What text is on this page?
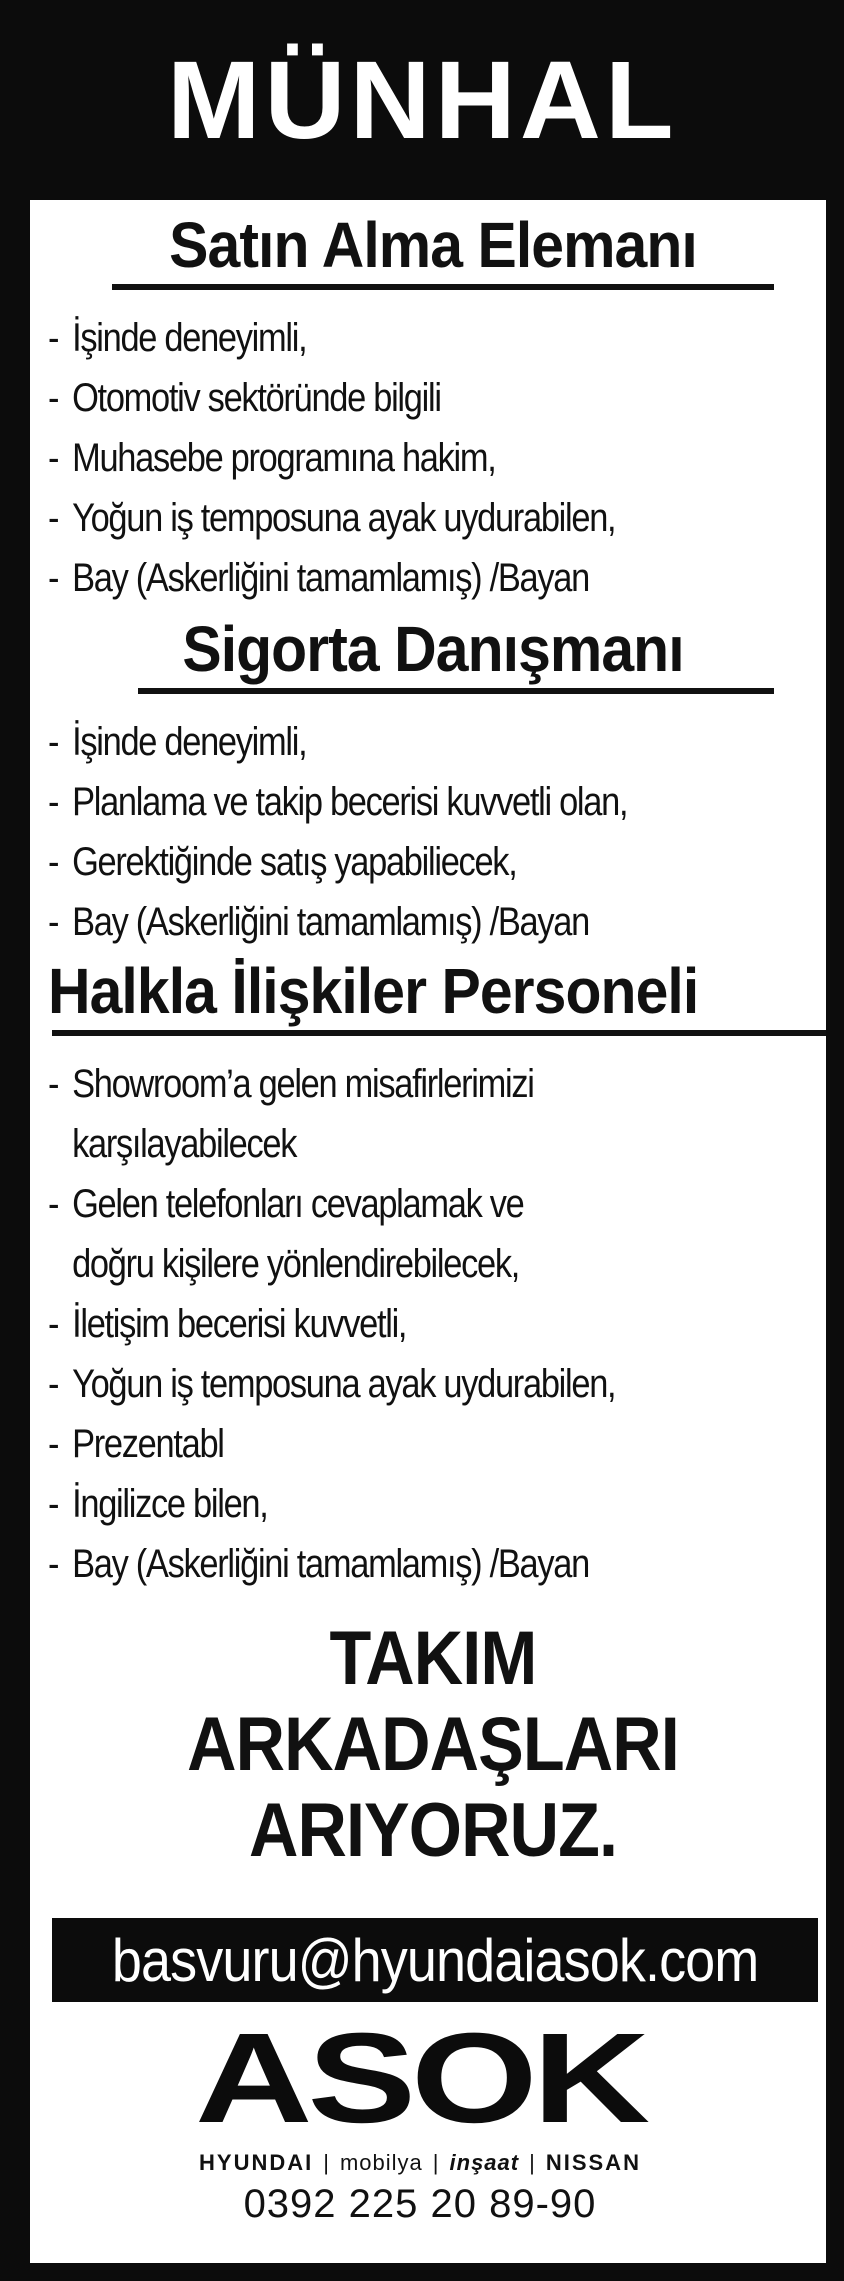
MÜNHAL
Satın Alma Elemanı
- İşinde deneyimli,
- Otomotiv sektöründe bilgili
- Muhasebe programına hakim,
- Yoğun iş temposuna ayak uydurabilen,
- Bay (Askerliğini tamamlamış) /Bayan
Sigorta Danışmanı
- İşinde deneyimli,
- Planlama ve takip becerisi kuvvetli olan,
- Gerektiğinde satış yapabiliecek,
- Bay (Askerliğini tamamlamış) /Bayan
Halkla İlişkiler Personeli
- Showroom’a gelen misafirlerimizi
karşılayabilecek
- Gelen telefonları cevaplamak ve
doğru kişilere yönlendirebilecek,
- İletişim becerisi kuvvetli,
- Yoğun iş temposuna ayak uydurabilen,
- Prezentabl
- İngilizce bilen,
- Bay (Askerliğini tamamlamış) /Bayan
TAKIM ARKADAŞLARI
ARIYORUZ.
basvuru@hyundaiasok.com
ASOK
HYUNDAI | mobilya | inşaat | NISSAN
0392 225 20 89-90
